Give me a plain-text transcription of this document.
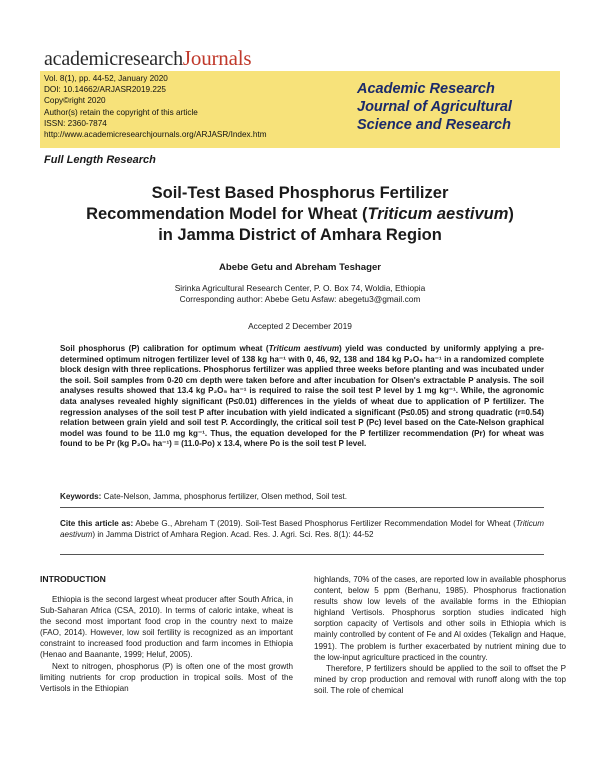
academicresearchJournals
Vol. 8(1), pp. 44-52, January 2020
DOI: 10.14662/ARJASR2019.225
Copy©right 2020
Author(s) retain the copyright of this article
ISSN: 2360-7874
http://www.academicresearchjournals.org/ARJASR/Index.htm
Academic Research
Journal of Agricultural
Science and Research
Full Length Research
Soil-Test Based Phosphorus Fertilizer
Recommendation Model for Wheat (Triticum aestivum)
in Jamma District of Amhara Region
Abebe Getu and Abreham Teshager
Sirinka Agricultural Research Center, P. O. Box 74, Woldia, Ethiopia
Corresponding author: Abebe Getu Asfaw: abegetu3@gmail.com
Accepted 2 December 2019
Soil phosphorus (P) calibration for optimum wheat (Triticum aestivum) yield was conducted by uniformly applying a pre-determined optimum nitrogen fertilizer level of 138 kg ha⁻¹ with 0, 46, 92, 138 and 184 kg P₂O₅ ha⁻¹ in a randomized complete block design with three replications. Phosphorus fertilizer was applied three weeks before planting and was incubated under the soil. Soil samples from 0-20 cm depth were taken before and after incubation for Olsen's extractable P analysis. The soil analyses results showed that 13.4 kg P₂O₅ ha⁻¹ is required to raise the soil test P level by 1 mg kg⁻¹. While, the agronomic data analyses revealed highly significant (P≤0.01) differences in the yields of wheat due to application of P fertilizer. The regression analyses of the soil test P after incubation with yield indicated a significant (P≤0.05) and strong quadratic (r=0.54) relation between grain yield and soil test P. Accordingly, the critical soil test P (Pc) level based on the Cate-Nelson graphical model was found to be 11.0 mg kg⁻¹. Thus, the equation developed for the P fertilizer recommendation (Pr) for wheat was found to be Pr (kg P₂O₅ ha⁻¹) = (11.0-Po) x 13.4, where Po is the soil test P level.
Keywords: Cate-Nelson, Jamma, phosphorus fertilizer, Olsen method, Soil test.
Cite this article as: Abebe G., Abreham T (2019). Soil-Test Based Phosphorus Fertilizer Recommendation Model for Wheat (Triticum aestivum) in Jamma District of Amhara Region. Acad. Res. J. Agri. Sci. Res. 8(1): 44-52
INTRODUCTION

Ethiopia is the second largest wheat producer after South Africa, in Sub-Saharan Africa (CSA, 2010). In terms of caloric intake, wheat is the second most important food crop in the country next to maize (FAO, 2014). However, low soil fertility is recognized as an important constraint to increased food production and farm incomes in Ethiopia (Henao and Baanante, 1999; Heluf, 2005).

Next to nitrogen, phosphorus (P) is often one of the most growth limiting nutrients for crop production in tropical soils. Most of the Vertisols in the Ethiopian

highlands, 70% of the cases, are reported low in available phosphorus content, below 5 ppm (Berhanu, 1985). Phosphorus fractionation results show low levels of the available forms in the Ethiopian highland Vertisols. Phosphorus sorption studies indicated high sorption capacity of Vertisols and other soils in Ethiopia which is mainly controlled by content of Fe and Al oxides (Tekalign and Haque, 1991). The problem is further exacerbated by nutrient mining due to the low-input agriculture practiced in the country.

Therefore, P fertilizers should be applied to the soil to offset the P mined by crop production and removal with runoff along with the top soil. The role of chemical
